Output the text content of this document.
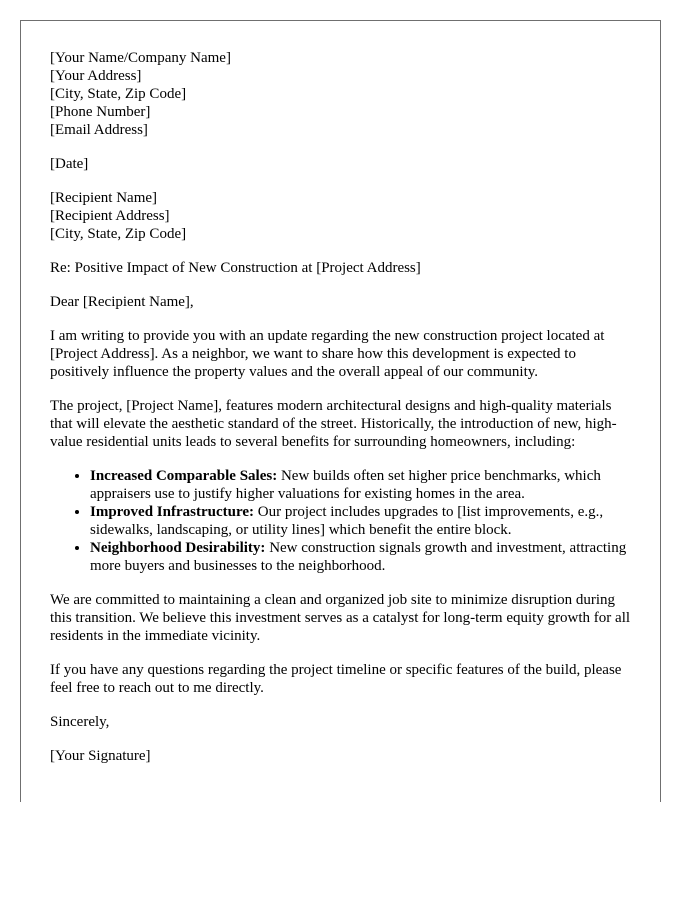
[Your Name/Company Name]
[Your Address]
[City, State, Zip Code]
[Phone Number]
[Email Address]
[Date]
[Recipient Name]
[Recipient Address]
[City, State, Zip Code]

Re: Positive Impact of New Construction at [Project Address]

Dear [Recipient Name],

I am writing to provide you with an update regarding the new construction project located at [Project Address]. As a neighbor, we want to share how this development is expected to positively influence the property values and the overall appeal of our community.

The project, [Project Name], features modern architectural designs and high-quality materials that will elevate the aesthetic standard of the street. Historically, the introduction of new, high-value residential units leads to several benefits for surrounding homeowners, including:

• Increased Comparable Sales: New builds often set higher price benchmarks, which appraisers use to justify higher valuations for existing homes in the area.
• Improved Infrastructure: Our project includes upgrades to [list improvements, e.g., sidewalks, landscaping, or utility lines] which benefit the entire block.
• Neighborhood Desirability: New construction signals growth and investment, attracting more buyers and businesses to the neighborhood.

We are committed to maintaining a clean and organized job site to minimize disruption during this transition. We believe this investment serves as a catalyst for long-term equity growth for all residents in the immediate vicinity.

If you have any questions regarding the project timeline or specific features of the build, please feel free to reach out to me directly.

Sincerely,

[Your Signature]
